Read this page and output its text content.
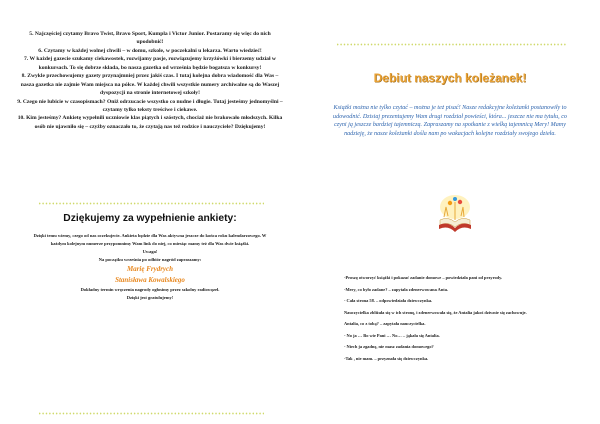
5. Najczęściej czytamy Bravo Twist, Bravo Sport, Kumpla i Victor Junior. Postaramy się więc do nich upodobnić!
6. Czytamy w każdej wolnej chwili – w domu, szkole, w poczekalni u lekarza. Warto wiedzieć!
7. W każdej gazecie szukamy ciekawostek, rozwijamy pasje, rozwiązujemy krzyżówki i bierzemy udział w konkursach. To się dobrze składa, bo nasza gazetka od września będzie bogatsza w konkursy!
8. Zwykle przechowujemy gazety przynajmniej przez jakiś czas. I tutaj kolejna dobra wiadomość dla Was – nasza gazetka nie zajmie Wam miejsca na półce. W każdej chwili wszystkie numery archiwalne są do Waszej dyspozycji na stronie internetowej szkoły!
9. Czego nie lubicie w czasopismach? Oniż odrzucacie wszystko co nudne i długie. Tutaj jesteśmy jednomyślni – czytamy tylko teksty treściwe i ciekawe.
10. Kim jesteśmy? Ankietę wypełnili uczniowie klas piątych i szóstych, chociaż nie brakowało młodszych. Kilka osób nie ujawniło się – czyżby oznaczało to, że czytają nas też rodzice i nauczyciele? Dziękujemy!
Dziękujemy za wypełnienie ankiety:

Dzięki temu wiemy, czego od nas oczekujecie. Ankieta będzie dla Was aktywna jeszcze do końca roku kalendarzowego. W każdym kolejnym numerze przypomnimy Wam link do niej, co miesiąc mamy też dla Was dwie książki.

Uwaga!

Na początku września po odbiór nagród zapraszamy:

Marię Frydrych

Stanisława Kowalskiego

Dokładny termin wręczenia nagrody ogłosimy przez szkolny radiowęzeł.

Dzięki jest gratulujemy!

Debiut naszych koleżanek!
Książki można nie tylko czytać – można je też pisać! Nasze redakcyjne koleżanki postanowiły to udowodnić. Dzisiaj prezentujemy Wam drugi rozdział powieści, która... jeszcze nie ma tytułu, co czyni ją jeszcze bardziej tajemniczą. Zapraszamy na spotkanie z wielką tajemnicą Mery! Mamy nadzieję, że nasze koleżanki dośla nam po wakacjach kolejne rozdziały swojego dzieła.

-Proszę otworzyć książki i pokazać zadanie domowe – powiedziała pani od przyrody.

-Mery, co było zadane? – zapytała zdenerwowana Anta.

- Cała strona 58. – odpowiedziała dziewczynka.

Nauczycielka zbliżała się w ich stronę, i zdenerwowała się, że Antalia jakoś dziwnie się zachowuje.

Antalia, co z tobą? – zapytała nauczycielka.

- No ja … Bo wie Pani … No… – jąkała się Antalia.

- Niech ja zgadnę, nie masz zadania domowego?

-Tak , nie mam. – przyznała się dziewczynka.
